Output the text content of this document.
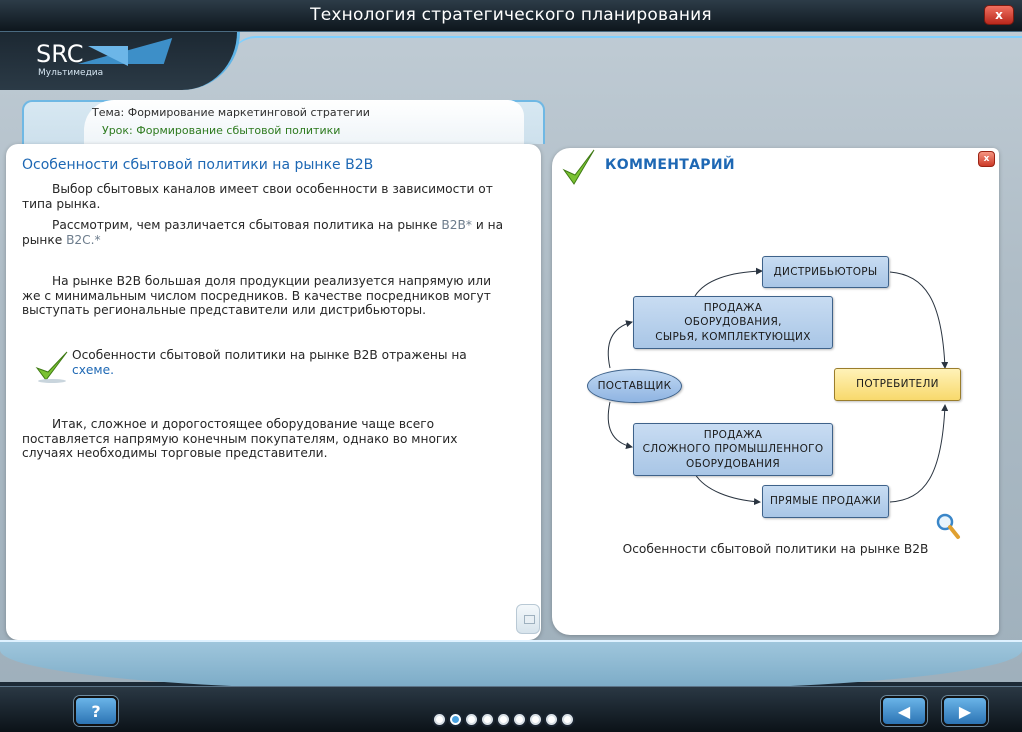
Технология стратегического планирования	x
SRC
Мультимедиа
Тема: Формирование маркетинговой стратегии
Урок: Формирование сбытовой политики
Особенности сбытовой политики на рынке В2В

Выбор сбытовых каналов имеет свои особенности в зависимости от типа рынка.

Рассмотрим, чем различается сбытовая политика на рынке В2В* и на рынке В2С.*

На рынке В2В большая доля продукции реализуется напрямую или же с минимальным числом посредников. В качестве посредников могут выступать региональные представители или дистрибьюторы.

Особенности сбытовой политики на рынке В2В отражены на схеме.

Итак, сложное и дорогостоящее оборудование чаще всего поставляется напрямую конечным покупателям, однако во многих случаях необходимы торговые представители.

КОММЕНТАРИЙ	x
ПОСТАВЩИК
ПРОДАЖА
ОБОРУДОВАНИЯ,
СЫРЬЯ, КОМПЛЕКТУЮЩИХ
ДИСТРИБЬЮТОРЫ
ПОТРЕБИТЕЛИ
ПРОДАЖА
СЛОЖНОГО ПРОМЫШЛЕННОГО
ОБОРУДОВАНИЯ
ПРЯМЫЕ ПРОДАЖИ
Особенности сбытовой политики на рынке В2В
?	◀	▶
